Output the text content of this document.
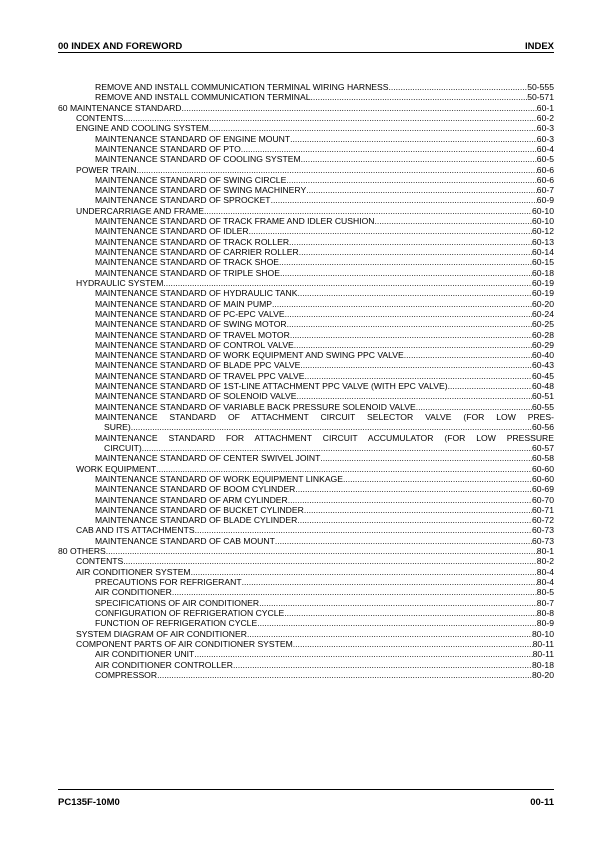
00 INDEX AND FOREWORD	INDEX
REMOVE AND INSTALL COMMUNICATION TERMINAL WIRING HARNESS .....	50-555
REMOVE AND INSTALL COMMUNICATION TERMINAL .....	50-571
60 MAINTENANCE STANDARD .....	60-1
CONTENTS .....	60-2
ENGINE AND COOLING SYSTEM .....	60-3
MAINTENANCE STANDARD OF ENGINE MOUNT .....	60-3
MAINTENANCE STANDARD OF PTO .....	60-4
MAINTENANCE STANDARD OF COOLING SYSTEM .....	60-5
POWER TRAIN .....	60-6
MAINTENANCE STANDARD OF SWING CIRCLE .....	60-6
MAINTENANCE STANDARD OF SWING MACHINERY .....	60-7
MAINTENANCE STANDARD OF SPROCKET .....	60-9
UNDERCARRIAGE AND FRAME .....	60-10
MAINTENANCE STANDARD OF TRACK FRAME AND IDLER CUSHION .....	60-10
MAINTENANCE STANDARD OF IDLER .....	60-12
MAINTENANCE STANDARD OF TRACK ROLLER .....	60-13
MAINTENANCE STANDARD OF CARRIER ROLLER .....	60-14
MAINTENANCE STANDARD OF TRACK SHOE .....	60-15
MAINTENANCE STANDARD OF TRIPLE SHOE .....	60-18
HYDRAULIC SYSTEM .....	60-19
MAINTENANCE STANDARD OF HYDRAULIC TANK .....	60-19
MAINTENANCE STANDARD OF MAIN PUMP .....	60-20
MAINTENANCE STANDARD OF PC-EPC VALVE .....	60-24
MAINTENANCE STANDARD OF SWING MOTOR .....	60-25
MAINTENANCE STANDARD OF TRAVEL MOTOR .....	60-28
MAINTENANCE STANDARD OF CONTROL VALVE .....	60-29
MAINTENANCE STANDARD OF WORK EQUIPMENT AND SWING PPC VALVE .....	60-40
MAINTENANCE STANDARD OF BLADE PPC VALVE .....	60-43
MAINTENANCE STANDARD OF TRAVEL PPC VALVE .....	60-45
MAINTENANCE STANDARD OF 1ST-LINE ATTACHMENT PPC VALVE (WITH EPC VALVE) .....	60-48
MAINTENANCE STANDARD OF SOLENOID VALVE .....	60-51
MAINTENANCE STANDARD OF VARIABLE BACK PRESSURE SOLENOID VALVE .....	60-55
MAINTENANCE STANDARD OF ATTACHMENT CIRCUIT SELECTOR VALVE (FOR LOW PRES-
SURE) .....	60-56
MAINTENANCE STANDARD FOR ATTACHMENT CIRCUIT ACCUMULATOR (FOR LOW PRESSURE
CIRCUIT) .....	60-57
MAINTENANCE STANDARD OF CENTER SWIVEL JOINT .....	60-58
WORK EQUIPMENT .....	60-60
MAINTENANCE STANDARD OF WORK EQUIPMENT LINKAGE .....	60-60
MAINTENANCE STANDARD OF BOOM CYLINDER .....	60-69
MAINTENANCE STANDARD OF ARM CYLINDER .....	60-70
MAINTENANCE STANDARD OF BUCKET CYLINDER .....	60-71
MAINTENANCE STANDARD OF BLADE CYLINDER .....	60-72
CAB AND ITS ATTACHMENTS .....	60-73
MAINTENANCE STANDARD OF CAB MOUNT .....	60-73
80 OTHERS .....	80-1
CONTENTS .....	80-2
AIR CONDITIONER SYSTEM .....	80-4
PRECAUTIONS FOR REFRIGERANT .....	80-4
AIR CONDITIONER .....	80-5
SPECIFICATIONS OF AIR CONDITIONER .....	80-7
CONFIGURATION OF REFRIGERATION CYCLE .....	80-8
FUNCTION OF REFRIGERATION CYCLE .....	80-9
SYSTEM DIAGRAM OF AIR CONDITIONER .....	80-10
COMPONENT PARTS OF AIR CONDITIONER SYSTEM .....	80-11
AIR CONDITIONER UNIT .....	80-11
AIR CONDITIONER CONTROLLER .....	80-18
COMPRESSOR .....	80-20
PC135F-10M0	00-11
